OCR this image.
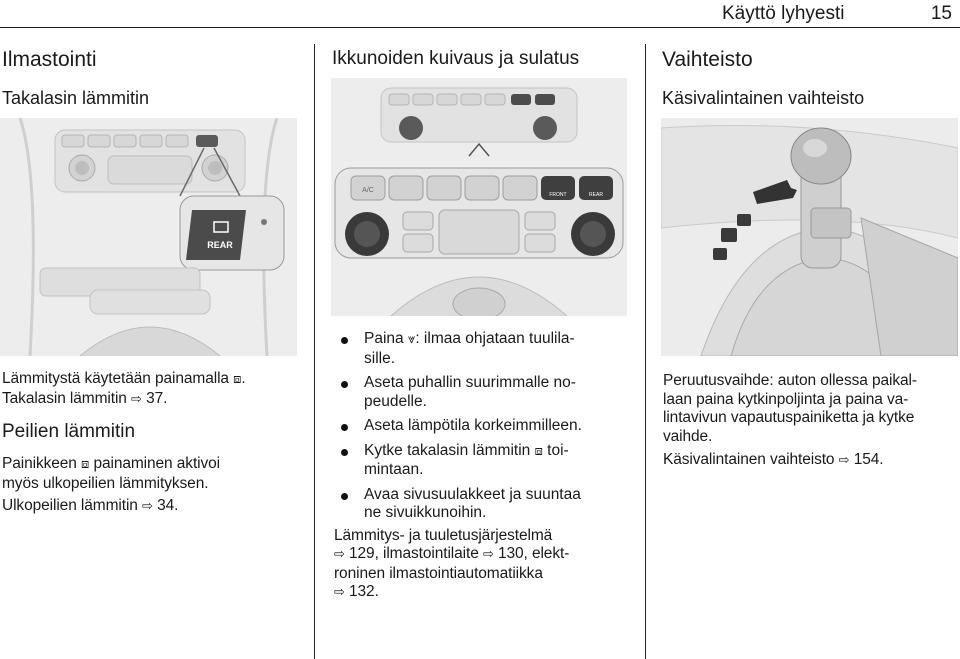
Käyttö lyhyesti	15
Ilmastointi
Takalasin lämmitin
REAR

Lämmitystä käytetään painamalla ⧈.

Takalasin lämmitin ⇨ 37.

Peilien lämmitin

Painikkeen ⧈ painaminen aktivoi
myös ulkopeilien lämmityksen.

Ulkopeilien lämmitin ⇨ 34.

Ikkunoiden kuivaus ja sulatus
A/C
FRONT	REAR
Paina ⩔: ilmaa ohjataan tuulila-
sille.
Aseta puhallin suurimmalle no-
peudelle.
Aseta lämpötila korkeimmilleen.
Kytke takalasin lämmitin ⧈ toi-
mintaan.
Avaa sivusuulakkeet ja suuntaa
ne sivuikkunoihin.

Lämmitys- ja tuuletusjärjestelmä
⇨ 129, ilmastointilaite ⇨ 130, elekt-
roninen ilmastointiautomatiikka
⇨ 132.

Vaihteisto
Käsivalintainen vaihteisto

Peruutusvaihde: auton ollessa paikal-
laan paina kytkinpoljinta ja paina va-
lintavivun vapautuspainiketta ja kytke
vaihde.

Käsivalintainen vaihteisto ⇨ 154.
